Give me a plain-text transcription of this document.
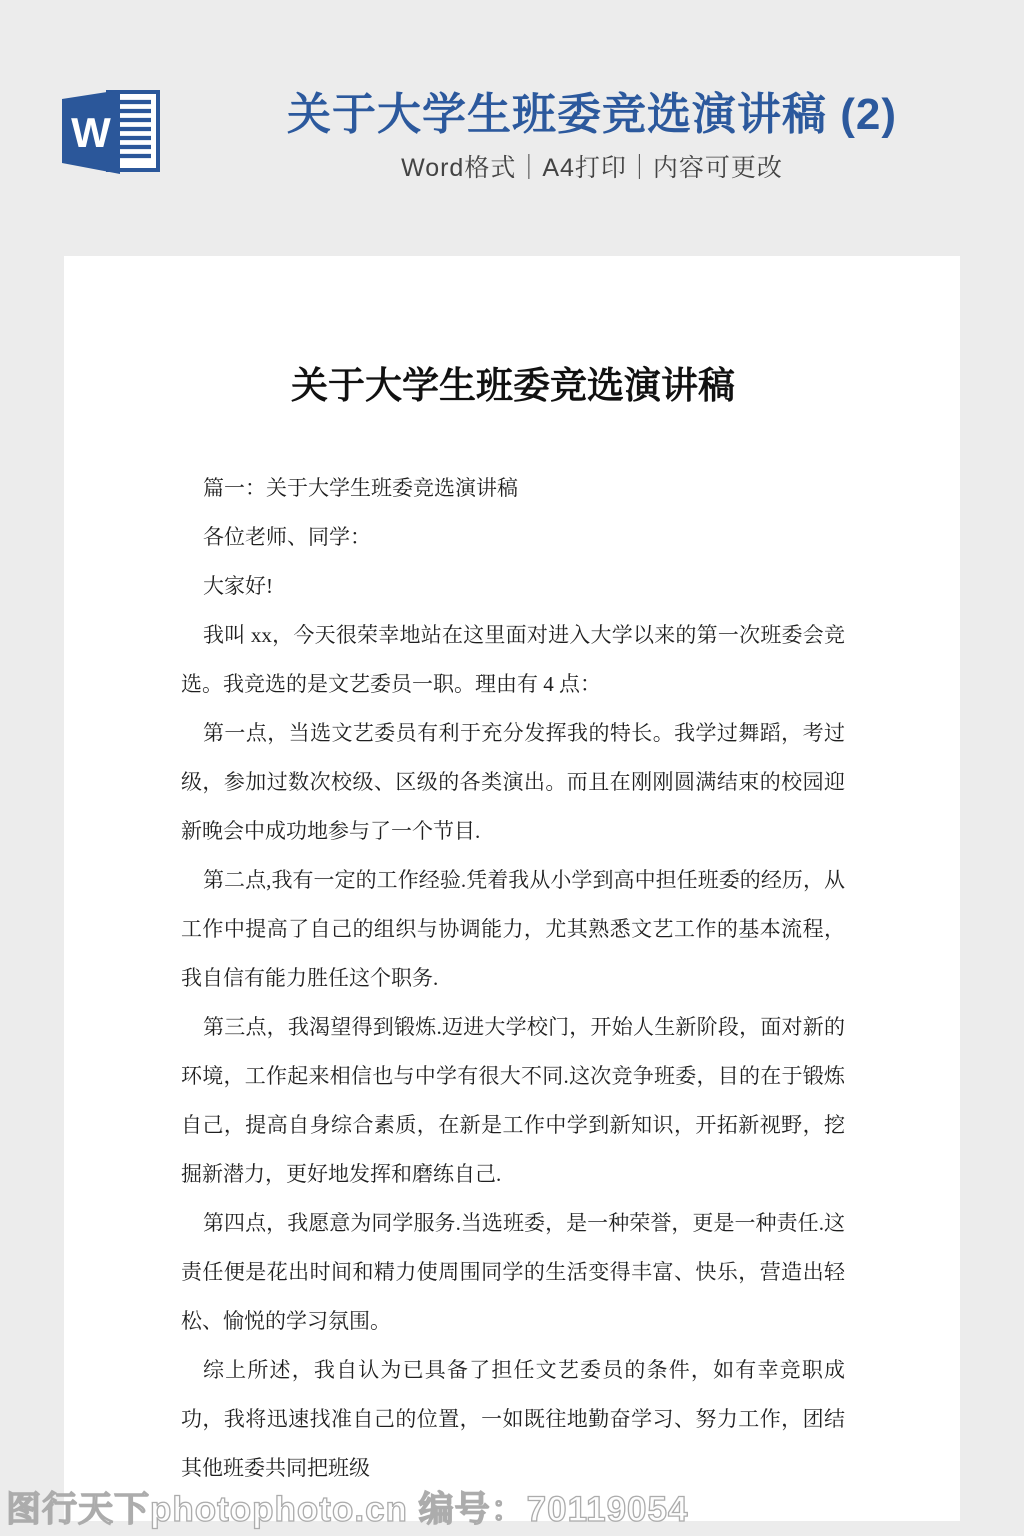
W	关于大学生班委竞选演讲稿 (2)
Word格式｜A4打印｜内容可更改
关于大学生班委竞选演讲稿

篇一：关于大学生班委竞选演讲稿

各位老师、同学：

大家好!

我叫 xx，今天很荣幸地站在这里面对进入大学以来的第一次班委会竞选。我竞选的是文艺委员一职。理由有 4 点：

第一点，当选文艺委员有利于充分发挥我的特长。我学过舞蹈，考过级，参加过数次校级、区级的各类演出。而且在刚刚圆满结束的校园迎新晚会中成功地参与了一个节目.

第二点,我有一定的工作经验.凭着我从小学到高中担任班委的经历，从工作中提高了自己的组织与协调能力，尤其熟悉文艺工作的基本流程，我自信有能力胜任这个职务.

第三点，我渴望得到锻炼.迈进大学校门，开始人生新阶段，面对新的环境，工作起来相信也与中学有很大不同.这次竞争班委，目的在于锻炼自己，提高自身综合素质，在新是工作中学到新知识，开拓新视野，挖掘新潜力，更好地发挥和磨练自己.

第四点，我愿意为同学服务.当选班委，是一种荣誉，更是一种责任.这责任便是花出时间和精力使周围同学的生活变得丰富、快乐，营造出轻松、愉悦的学习氛围。

综上所述，我自认为已具备了担任文艺委员的条件，如有幸竞职成功，我将迅速找准自己的位置，一如既往地勤奋学习、努力工作，团结其他班委共同把班级

图行天下photophoto.cn 编号：70119054
